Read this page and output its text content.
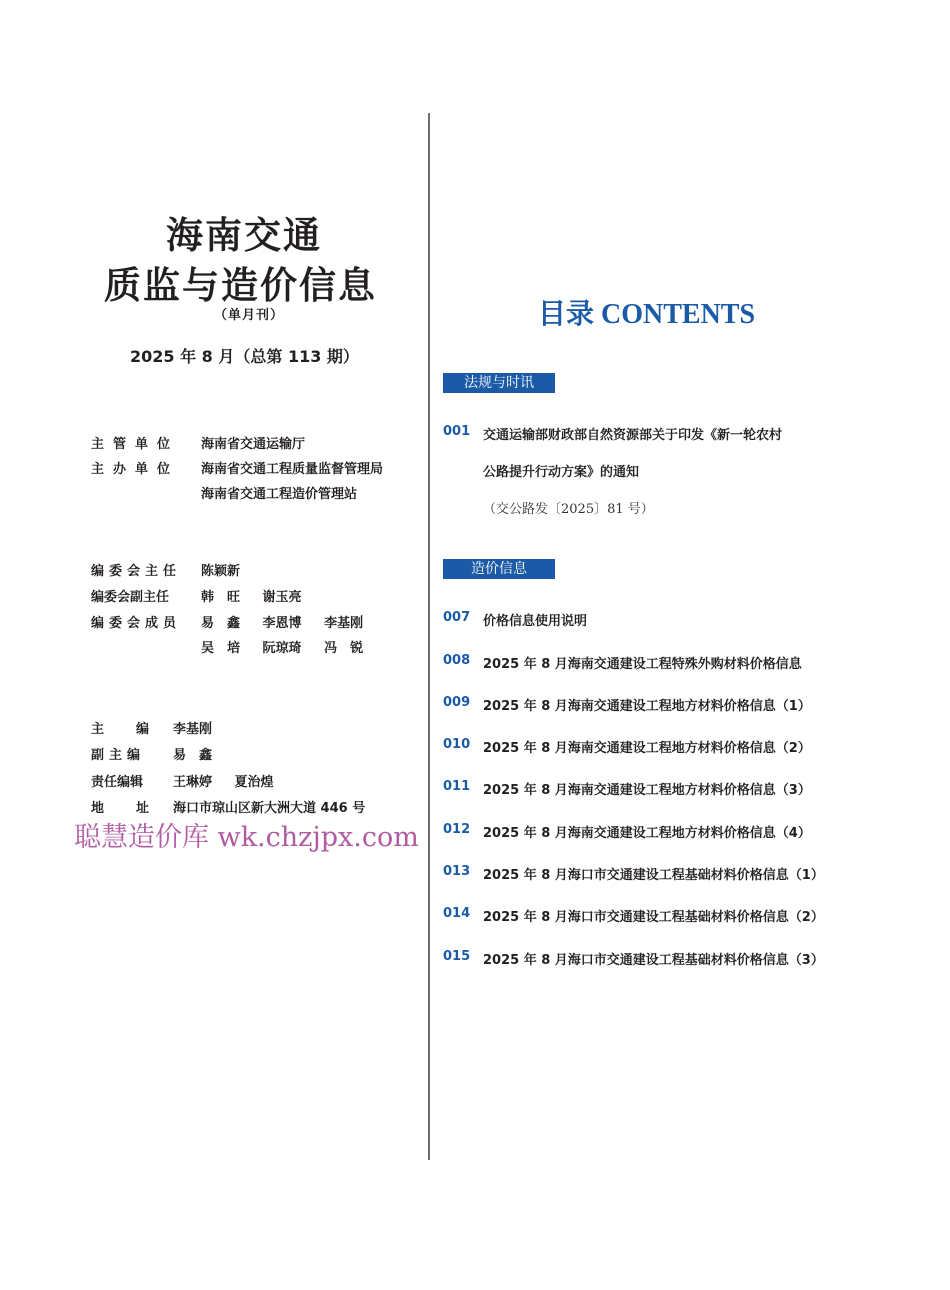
海南交通
质监与造价信息
（单月刊）
2025 年 8 月（总第 113 期）
主管单位 海南省交通运输厅
主办单位 海南省交通工程质量监督管理局
海南省交通工程造价管理站
编委会主任 陈颖新
编委会副主任 韩　旺 谢玉亮
编委会成员 易　鑫 李恩博 李基刚
吴　培 阮琼琦 冯　锐
主　　编 李基刚
副主编 易　鑫
责任编辑 王琳婷 夏治煌
地　　址 海口市琼山区新大洲大道 446 号
聪慧造价库 wk.chzjpx.com
目录 CONTENTS
法规与时讯
001 交通运输部财政部自然资源部关于印发《新一轮农村
公路提升行动方案》的通知
（交公路发〔2025〕81 号）
造价信息
007 价格信息使用说明
008 2025 年 8 月海南交通建设工程特殊外购材料价格信息
009 2025 年 8 月海南交通建设工程地方材料价格信息（1）
010 2025 年 8 月海南交通建设工程地方材料价格信息（2）
011 2025 年 8 月海南交通建设工程地方材料价格信息（3）
012 2025 年 8 月海南交通建设工程地方材料价格信息（4）
013 2025 年 8 月海口市交通建设工程基础材料价格信息（1）
014 2025 年 8 月海口市交通建设工程基础材料价格信息（2）
015 2025 年 8 月海口市交通建设工程基础材料价格信息（3）
